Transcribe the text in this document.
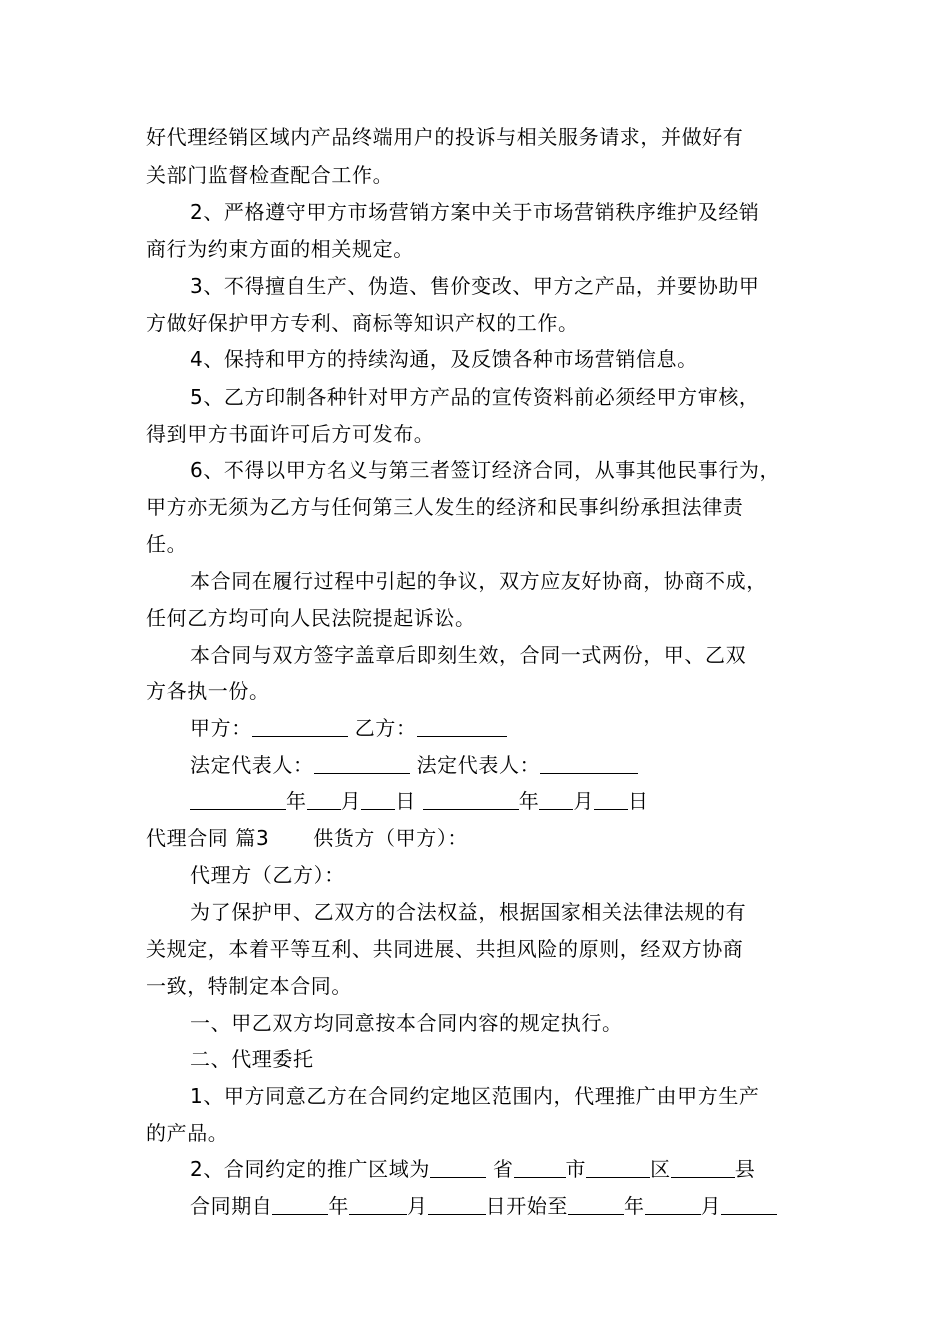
好代理经销区域内产品终端用户的投诉与相关服务请求，并做好有
关部门监督检查配合工作。
2、严格遵守甲方市场营销方案中关于市场营销秩序维护及经销
商行为约束方面的相关规定。
3、不得擅自生产、伪造、售价变改、甲方之产品，并要协助甲
方做好保护甲方专利、商标等知识产权的工作。
4、保持和甲方的持续沟通，及反馈各种市场营销信息。
5、乙方印制各种针对甲方产品的宣传资料前必须经甲方审核，
得到甲方书面许可后方可发布。
6、不得以甲方名义与第三者签订经济合同，从事其他民事行为，
甲方亦无须为乙方与任何第三人发生的经济和民事纠纷承担法律责
任。
本合同在履行过程中引起的争议，双方应友好协商，协商不成，
任何乙方均可向人民法院提起诉讼。
本合同与双方签字盖章后即刻生效，合同一式两份，甲、乙双
方各执一份。
甲方：	乙方：
法定代表人：	法定代表人：
年 月 日	年 月 日
代理合同 篇3 供货方（甲方）：
代理方（乙方）：
为了保护甲、乙双方的合法权益，根据国家相关法律法规的有
关规定，本着平等互利、共同进展、共担风险的原则，经双方协商
一致，特制定本合同。
一、甲乙双方均同意按本合同内容的规定执行。
二、代理委托
1、甲方同意乙方在合同约定地区范围内，代理推广由甲方生产
的产品。
2、合同约定的推广区域为	省	市	区	县
合同期自	年	月	日开始至	年	月
